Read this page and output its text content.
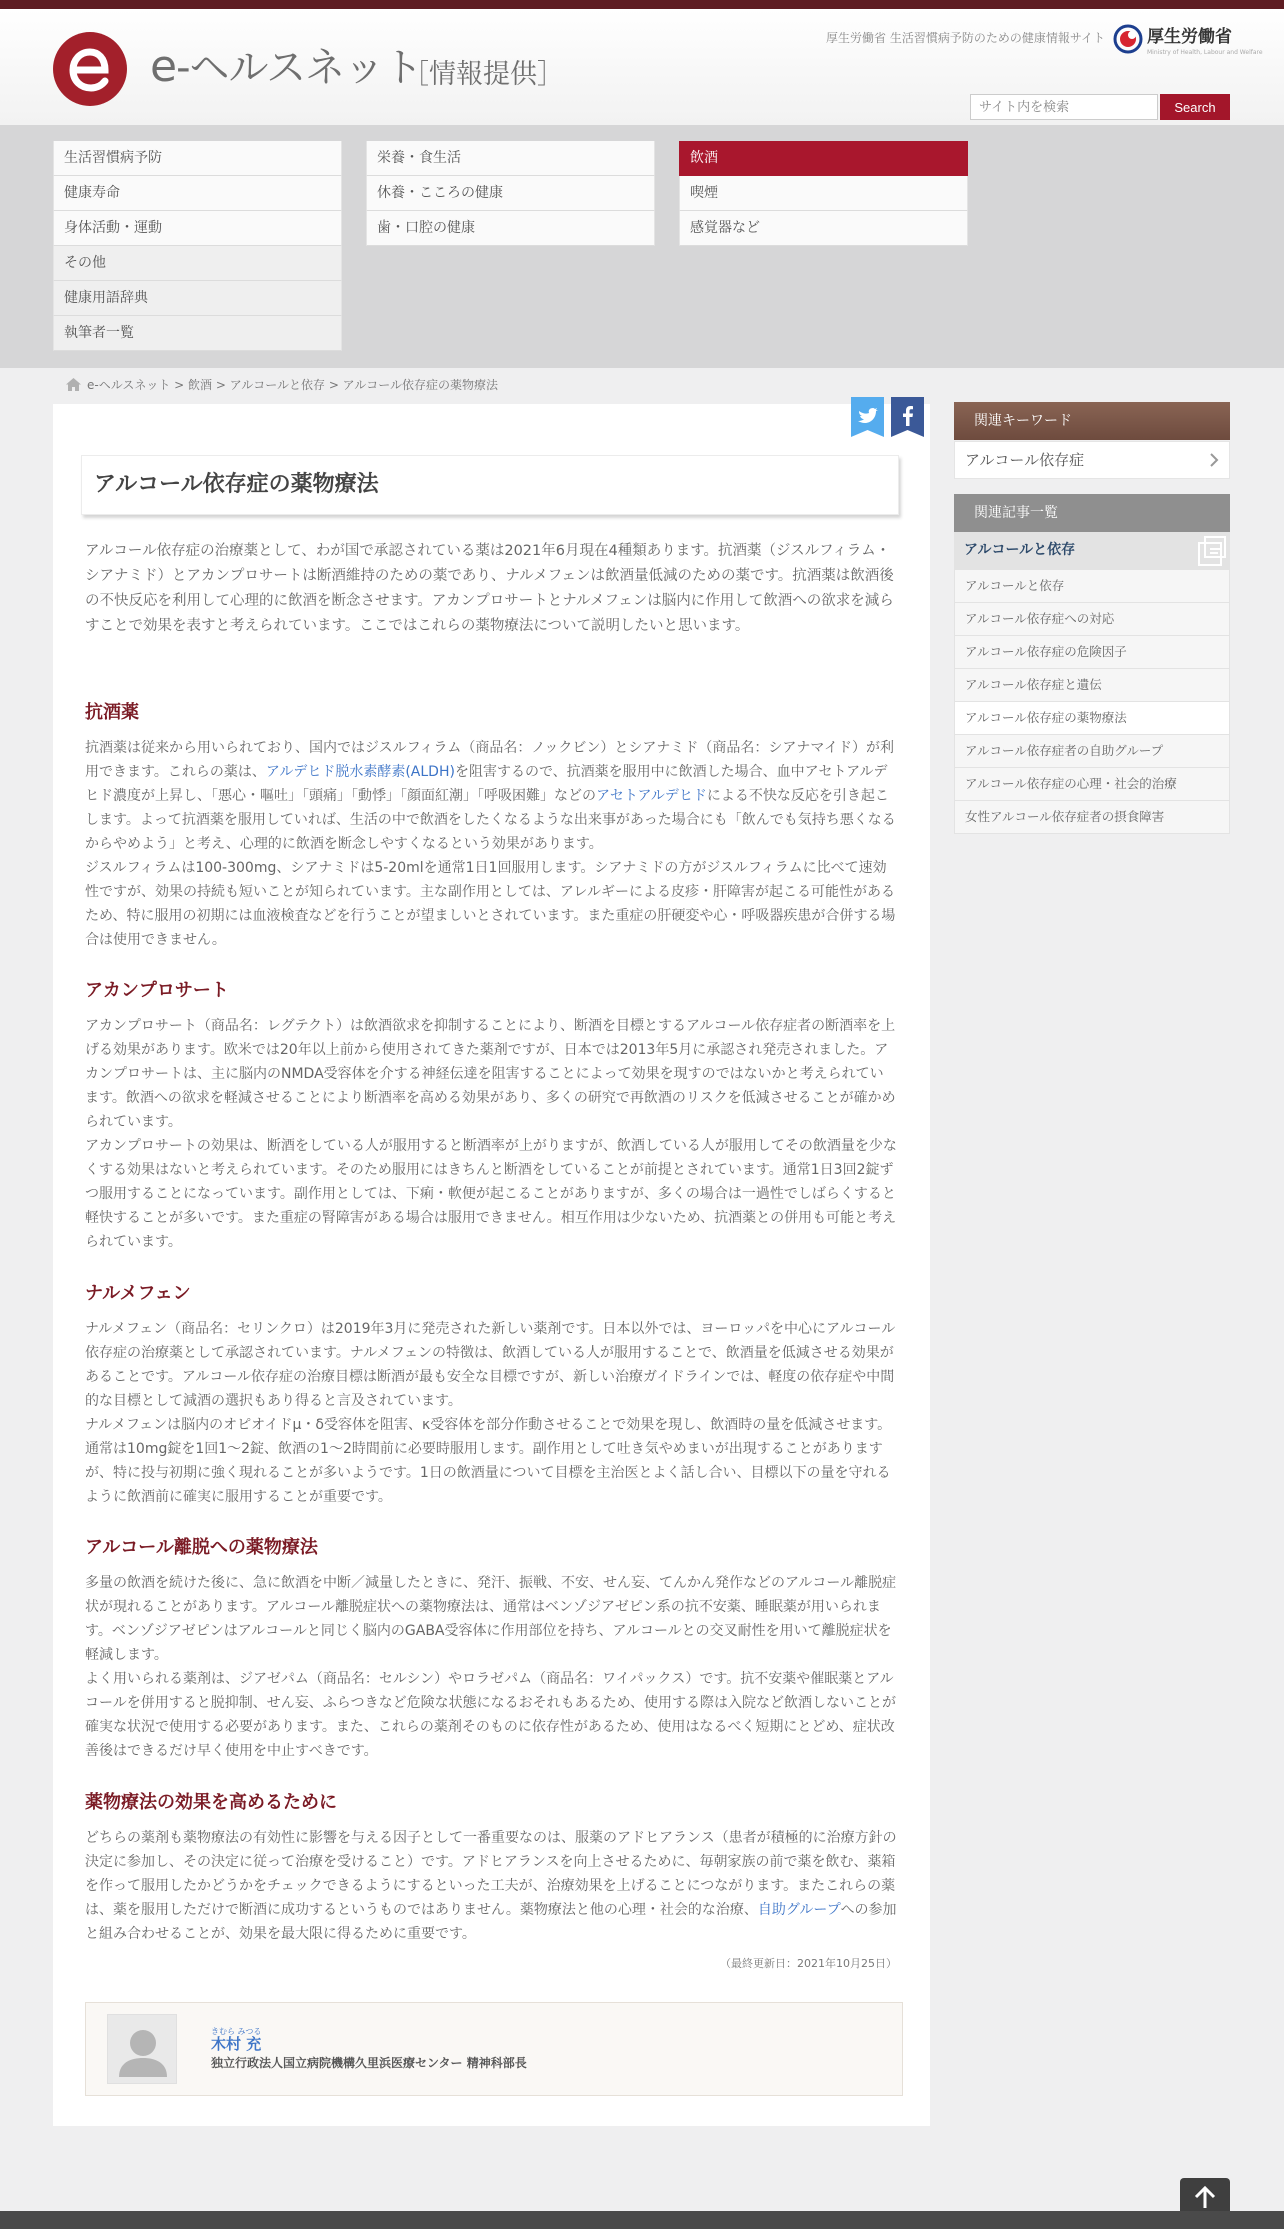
e-ヘルスネット
［情報提供］
厚生労働省 生活習慣病予防のための健康情報サイト 厚生労働省
Ministry of Health, Labour and Welfare
サイト内を検索
Search
生活習慣病予防
健康寿命
身体活動・運動
その他
健康用語辞典
執筆者一覧
栄養・食生活
休養・こころの健康
歯・口腔の健康
飲酒
喫煙
感覚器など
e-ヘルスネット > 飲酒 > アルコールと依存 > アルコール依存症の薬物療法
アルコール依存症の薬物療法

アルコール依存症の治療薬として、わが国で承認されている薬は2021年6月現在4種類あります。抗酒薬（ジスルフィラム・シアナミド）とアカンプロサートは断酒維持のための薬であり、ナルメフェンは飲酒量低減のための薬です。抗酒薬は飲酒後の不快反応を利用して心理的に飲酒を断念させます。アカンプロサートとナルメフェンは脳内に作用して飲酒への欲求を減らすことで効果を表すと考えられています。ここではこれらの薬物療法について説明したいと思います。

抗酒薬

抗酒薬は従来から用いられており、国内ではジスルフィラム（商品名：ノックビン）とシアナミド（商品名：シアナマイド）が利用できます。これらの薬は、アルデヒド脱水素酵素(ALDH)を阻害するので、抗酒薬を服用中に飲酒した場合、血中アセトアルデヒド濃度が上昇し、「悪心・嘔吐」「頭痛」「動悸」「顔面紅潮」「呼吸困難」などのアセトアルデヒドによる不快な反応を引き起こします。よって抗酒薬を服用していれば、生活の中で飲酒をしたくなるような出来事があった場合にも「飲んでも気持ち悪くなるからやめよう」と考え、心理的に飲酒を断念しやすくなるという効果があります。

ジスルフィラムは100-300mg、シアナミドは5-20mlを通常1日1回服用します。シアナミドの方がジスルフィラムに比べて速効性ですが、効果の持続も短いことが知られています。主な副作用としては、アレルギーによる皮疹・肝障害が起こる可能性があるため、特に服用の初期には血液検査などを行うことが望ましいとされています。また重症の肝硬変や心・呼吸器疾患が合併する場合は使用できません。

アカンプロサート

アカンプロサート（商品名：レグテクト）は飲酒欲求を抑制することにより、断酒を目標とするアルコール依存症者の断酒率を上げる効果があります。欧米では20年以上前から使用されてきた薬剤ですが、日本では2013年5月に承認され発売されました。アカンプロサートは、主に脳内のNMDA受容体を介する神経伝達を阻害することによって効果を現すのではないかと考えられています。飲酒への欲求を軽減させることにより断酒率を高める効果があり、多くの研究で再飲酒のリスクを低減させることが確かめられています。

アカンプロサートの効果は、断酒をしている人が服用すると断酒率が上がりますが、飲酒している人が服用してその飲酒量を少なくする効果はないと考えられています。そのため服用にはきちんと断酒をしていることが前提とされています。通常1日3回2錠ずつ服用することになっています。副作用としては、下痢・軟便が起こることがありますが、多くの場合は一過性でしばらくすると軽快することが多いです。また重症の腎障害がある場合は服用できません。相互作用は少ないため、抗酒薬との併用も可能と考えられています。

ナルメフェン

ナルメフェン（商品名：セリンクロ）は2019年3月に発売された新しい薬剤です。日本以外では、ヨーロッパを中心にアルコール依存症の治療薬として承認されています。ナルメフェンの特徴は、飲酒している人が服用することで、飲酒量を低減させる効果があることです。アルコール依存症の治療目標は断酒が最も安全な目標ですが、新しい治療ガイドラインでは、軽度の依存症や中間的な目標として減酒の選択もあり得ると言及されています。

ナルメフェンは脳内のオピオイドμ・δ受容体を阻害、κ受容体を部分作動させることで効果を現し、飲酒時の量を低減させます。通常は10mg錠を1回1～2錠、飲酒の1～2時間前に必要時服用します。副作用として吐き気やめまいが出現することがありますが、特に投与初期に強く現れることが多いようです。1日の飲酒量について目標を主治医とよく話し合い、目標以下の量を守れるように飲酒前に確実に服用することが重要です。

アルコール離脱への薬物療法

多量の飲酒を続けた後に、急に飲酒を中断／減量したときに、発汗、振戦、不安、せん妄、てんかん発作などのアルコール離脱症状が現れることがあります。アルコール離脱症状への薬物療法は、通常はベンゾジアゼピン系の抗不安薬、睡眠薬が用いられます。ベンゾジアゼピンはアルコールと同じく脳内のGABA受容体に作用部位を持ち、アルコールとの交叉耐性を用いて離脱症状を軽減します。

よく用いられる薬剤は、ジアゼパム（商品名：セルシン）やロラゼパム（商品名：ワイパックス）です。抗不安薬や催眠薬とアルコールを併用すると脱抑制、せん妄、ふらつきなど危険な状態になるおそれもあるため、使用する際は入院など飲酒しないことが確実な状況で使用する必要があります。また、これらの薬剤そのものに依存性があるため、使用はなるべく短期にとどめ、症状改善後はできるだけ早く使用を中止すべきです。

薬物療法の効果を高めるために

どちらの薬剤も薬物療法の有効性に影響を与える因子として一番重要なのは、服薬のアドヒアランス（患者が積極的に治療方針の決定に参加し、その決定に従って治療を受けること）です。アドヒアランスを向上させるために、毎朝家族の前で薬を飲む、薬箱を作って服用したかどうかをチェックできるようにするといった工夫が、治療効果を上げることにつながります。またこれらの薬は、薬を服用しただけで断酒に成功するというものではありません。薬物療法と他の心理・社会的な治療、自助グループへの参加と組み合わせることが、効果を最大限に得るために重要です。

（最終更新日：2021年10月25日）
きむら みつる
木村 充
独立行政法人国立病院機構久里浜医療センター 精神科部長
関連キーワード
アルコール依存症
関連記事一覧
アルコールと依存
アルコールと依存
アルコール依存症への対応
アルコール依存症の危険因子
アルコール依存症と遺伝
アルコール依存症の薬物療法
アルコール依存症者の自助グループ
アルコール依存症の心理・社会的治療
女性アルコール依存症者の摂食障害
